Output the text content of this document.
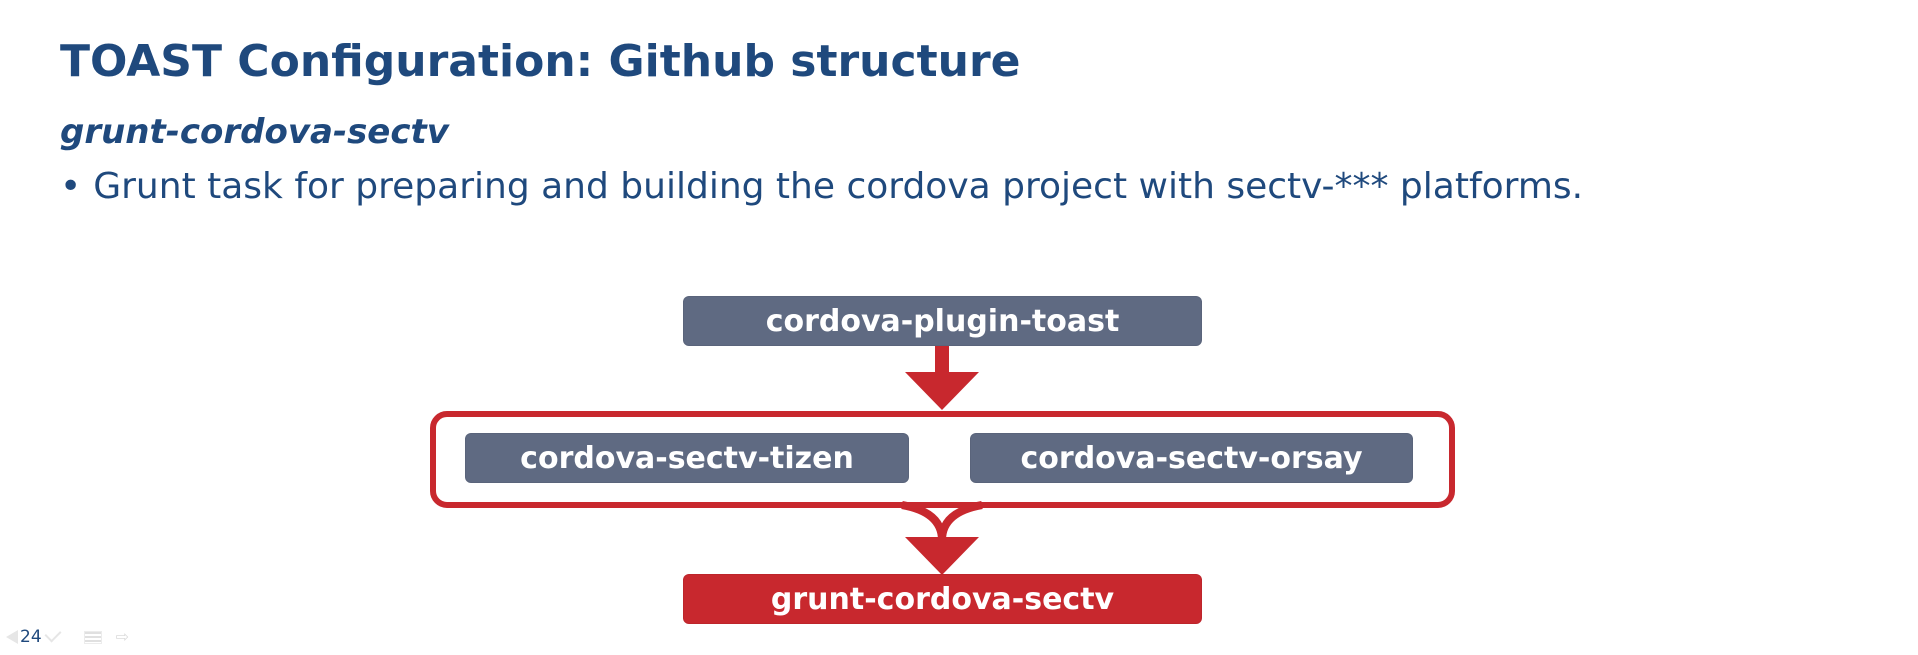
TOAST Configuration: Github structure
grunt-cordova-sectv
• Grunt task for preparing and building the cordova project with sectv-*** platforms.
cordova-plugin-toast
cordova-sectv-tizen	cordova-sectv-orsay
grunt-cordova-sectv
24	⇨
